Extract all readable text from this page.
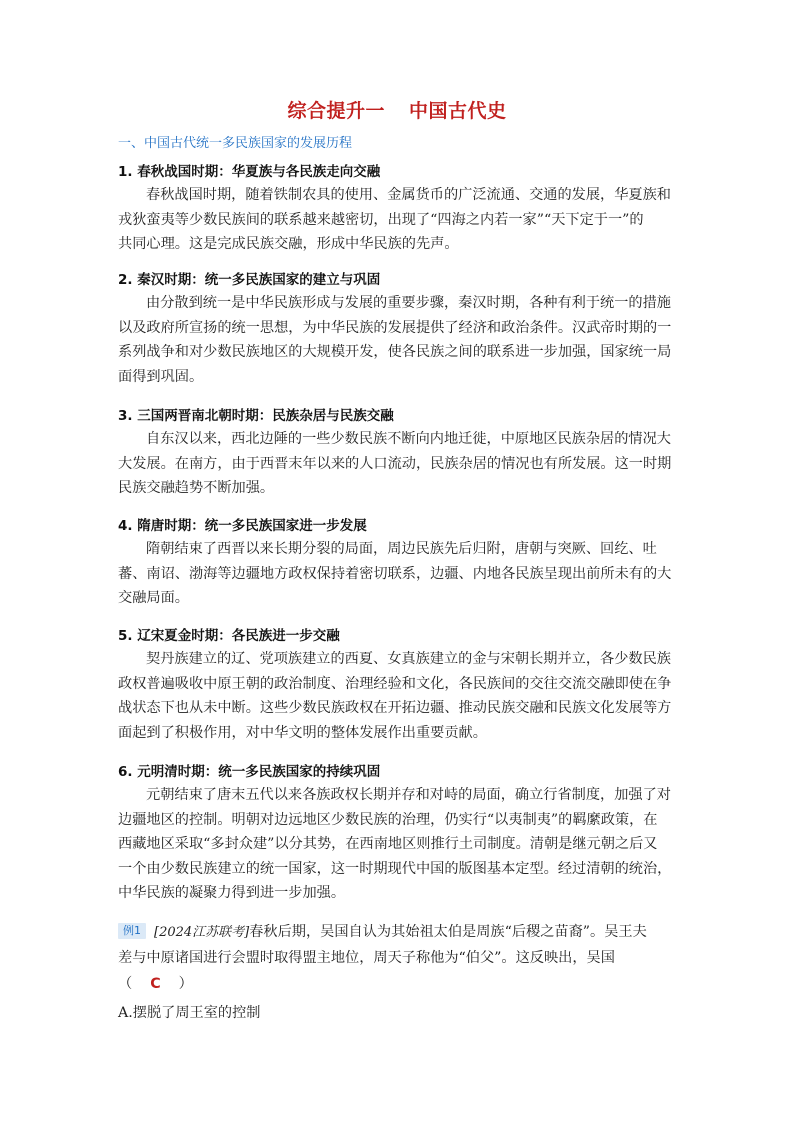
综合提升一 中国古代史
一、中国古代统一多民族国家的发展历程
1. 春秋战国时期：华夏族与各民族走向交融
春秋战国时期，随着铁制农具的使用、金属货币的广泛流通、交通的发展，华夏族和
戎狄蛮夷等少数民族间的联系越来越密切，出现了“四海之内若一家”“天下定于一”的
共同心理。这是完成民族交融，形成中华民族的先声。
2. 秦汉时期：统一多民族国家的建立与巩固
由分散到统一是中华民族形成与发展的重要步骤，秦汉时期，各种有利于统一的措施
以及政府所宣扬的统一思想，为中华民族的发展提供了经济和政治条件。汉武帝时期的一
系列战争和对少数民族地区的大规模开发，使各民族之间的联系进一步加强，国家统一局
面得到巩固。
3. 三国两晋南北朝时期：民族杂居与民族交融
自东汉以来，西北边陲的一些少数民族不断向内地迁徙，中原地区民族杂居的情况大
大发展。在南方，由于西晋末年以来的人口流动，民族杂居的情况也有所发展。这一时期
民族交融趋势不断加强。
4. 隋唐时期：统一多民族国家进一步发展
隋朝结束了西晋以来长期分裂的局面，周边民族先后归附，唐朝与突厥、回纥、吐
蕃、南诏、渤海等边疆地方政权保持着密切联系，边疆、内地各民族呈现出前所未有的大
交融局面。
5. 辽宋夏金时期：各民族进一步交融
契丹族建立的辽、党项族建立的西夏、女真族建立的金与宋朝长期并立，各少数民族
政权普遍吸收中原王朝的政治制度、治理经验和文化，各民族间的交往交流交融即使在争
战状态下也从未中断。这些少数民族政权在开拓边疆、推动民族交融和民族文化发展等方
面起到了积极作用，对中华文明的整体发展作出重要贡献。
6. 元明清时期：统一多民族国家的持续巩固
元朝结束了唐末五代以来各族政权长期并存和对峙的局面，确立行省制度，加强了对
边疆地区的控制。明朝对边远地区少数民族的治理，仍实行“以夷制夷”的羁縻政策，在
西藏地区采取“多封众建”以分其势，在西南地区则推行土司制度。清朝是继元朝之后又
一个由少数民族建立的统一国家，这一时期现代中国的版图基本定型。经过清朝的统治，
中华民族的凝聚力得到进一步加强。
例1 [2024江苏联考]春秋后期，吴国自认为其始祖太伯是周族“后稷之苗裔”。吴王夫
差与中原诸国进行会盟时取得盟主地位，周天子称他为“伯父”。这反映出，吴国
（ C ）
A.摆脱了周王室的控制
